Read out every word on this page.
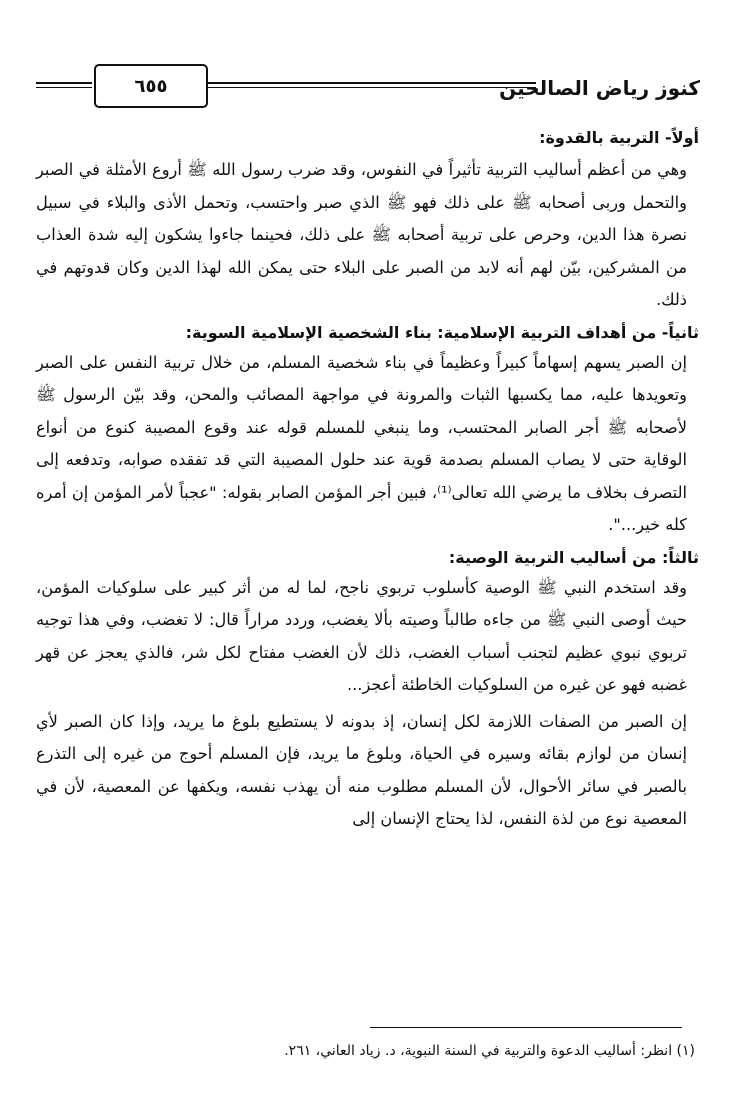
٦٥٥	كنوز رياض الصالحين
أولاً- التربية بالقدوة:

وهي من أعظم أساليب التربية تأثيراً في النفوس، وقد ضرب رسول الله ﷺ أروع الأمثلة في الصبر والتحمل وربى أصحابه ﷺ على ذلك فهو ﷺ الذي صبر واحتسب، وتحمل الأذى والبلاء في سبيل نصرة هذا الدين، وحرص على تربية أصحابه ﷺ على ذلك، فحينما جاءوا يشكون إليه شدة العذاب من المشركين، بيّن لهم أنه لابد من الصبر على البلاء حتى يمكن الله لهذا الدين وكان قدوتهم في ذلك.

ثانياً- من أهداف التربية الإسلامية: بناء الشخصية الإسلامية السوية:

إن الصبر يسهم إسهاماً كبيراً وعظيماً في بناء شخصية المسلم، من خلال تربية النفس على الصبر وتعويدها عليه، مما يكسبها الثبات والمرونة في مواجهة المصائب والمحن، وقد بيّن الرسول ﷺ لأصحابه ﷺ أجر الصابر المحتسب، وما ينبغي للمسلم قوله عند وقوع المصيبة كنوع من أنواع الوقاية حتى لا يصاب المسلم بصدمة قوية عند حلول المصيبة التي قد تفقده صوابه، وتدفعه إلى التصرف بخلاف ما يرضي الله تعالى⁽¹⁾، فبين أجر المؤمن الصابر بقوله: "عجباً لأمر المؤمن إن أمره كله خير...".

ثالثاً: من أساليب التربية الوصية:

وقد استخدم النبي ﷺ الوصية كأسلوب تربوي ناجح، لما له من أثر كبير على سلوكيات المؤمن، حيث أوصى النبي ﷺ من جاءه طالباً وصيته بألا يغضب، وردد مراراً قال: لا تغضب، وفي هذا توجيه تربوي نبوي عظيم لتجنب أسباب الغضب، ذلك لأن الغضب مفتاح لكل شر، فالذي يعجز عن قهر غضبه فهو عن غيره من السلوكيات الخاطئة أعجز...

إن الصبر من الصفات اللازمة لكل إنسان، إذ بدونه لا يستطيع بلوغ ما يريد، وإذا كان الصبر لأي إنسان من لوازم بقائه وسيره في الحياة، وبلوغ ما يريد، فإن المسلم أحوج من غيره إلى التذرع بالصبر في سائر الأحوال، لأن المسلم مطلوب منه أن يهذب نفسه، ويكفها عن المعصية، لأن في المعصية نوع من لذة النفس، لذا يحتاج الإنسان إلى

(١) انظر: أساليب الدعوة والتربية في السنة النبوية، د. زياد العاني، ٢٦١.
